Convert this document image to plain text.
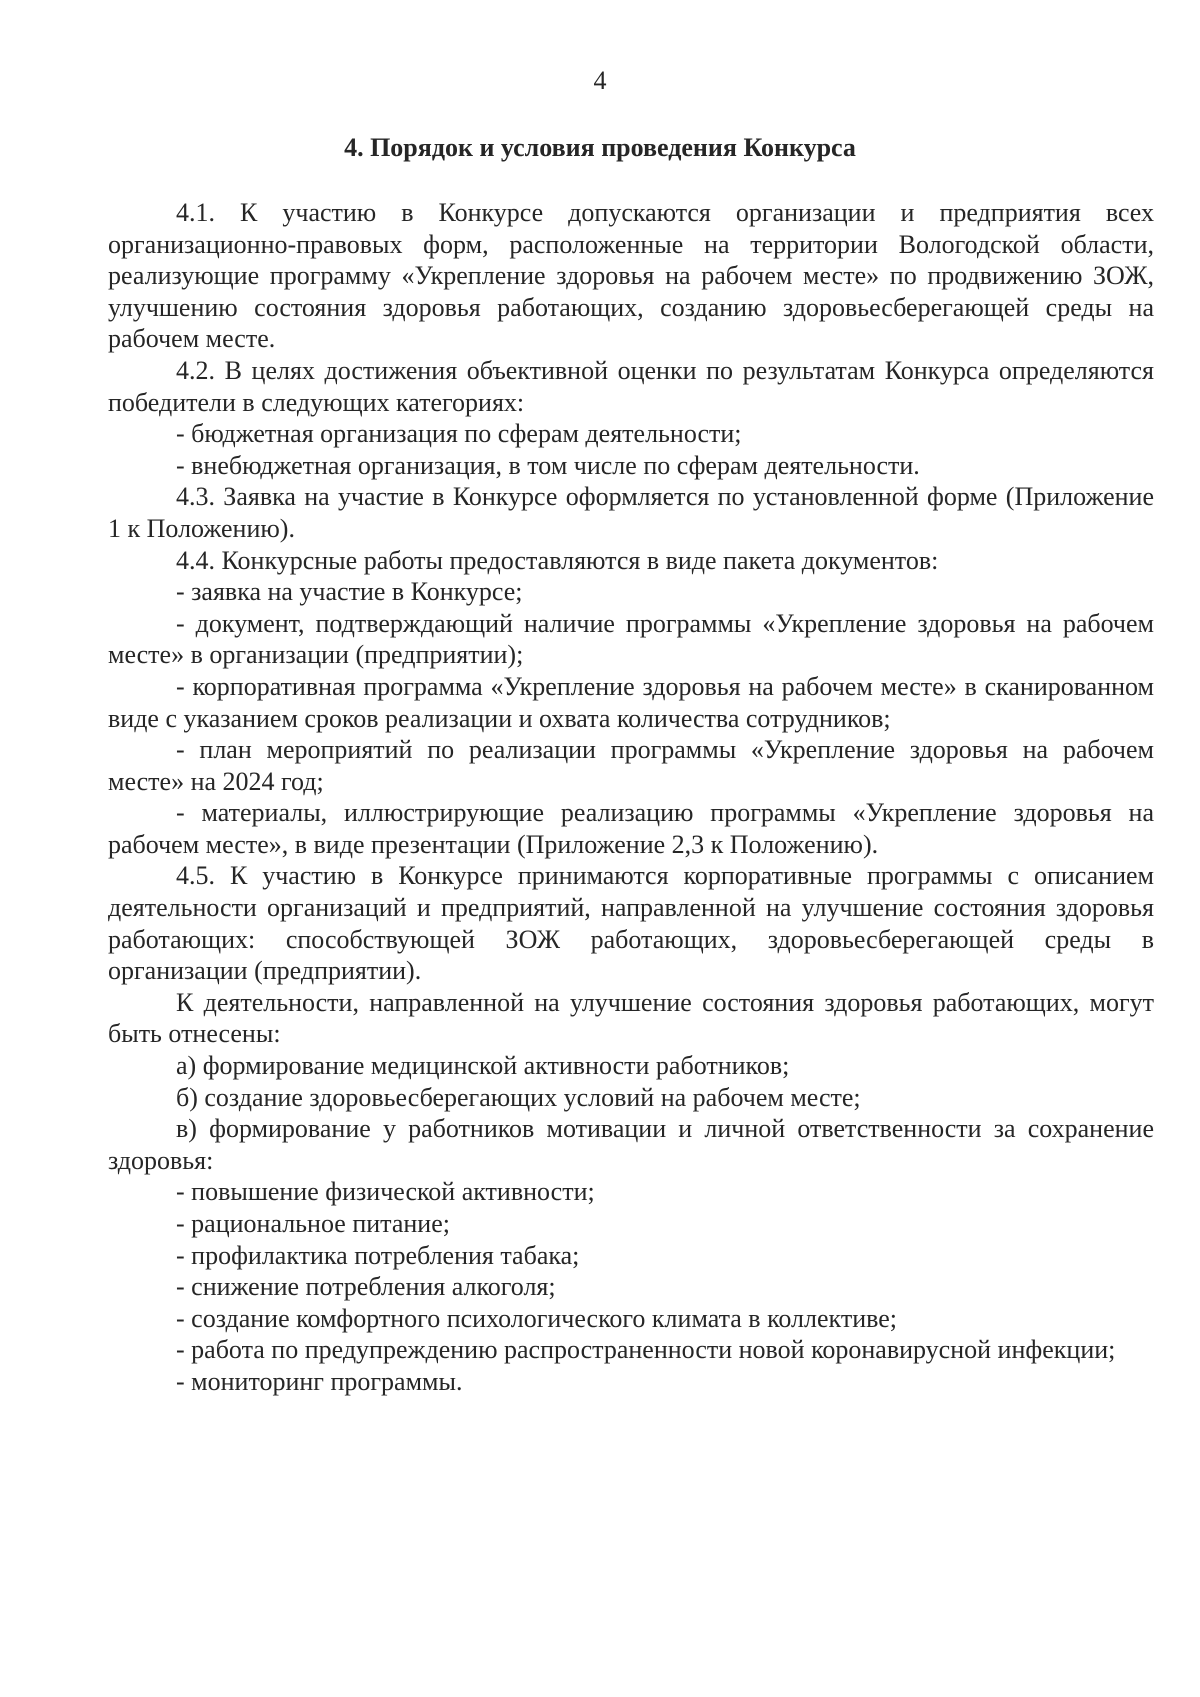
4
4. Порядок и условия проведения Конкурса

4.1. К участию в Конкурсе допускаются организации и предприятия всех организационно-правовых форм, расположенные на территории Вологодской области, реализующие программу «Укрепление здоровья на рабочем месте» по продвижению ЗОЖ, улучшению состояния здоровья работающих, созданию здоровьесберегающей среды на рабочем месте.

4.2. В целях достижения объективной оценки по результатам Конкурса определяются победители в следующих категориях:

- бюджетная организация по сферам деятельности;

- внебюджетная организация, в том числе по сферам деятельности.

4.3. Заявка на участие в Конкурсе оформляется по установленной форме (Приложение 1 к Положению).

4.4. Конкурсные работы предоставляются в виде пакета документов:

- заявка на участие в Конкурсе;

- документ, подтверждающий наличие программы «Укрепление здоровья на рабочем месте» в организации (предприятии);

- корпоративная программа «Укрепление здоровья на рабочем месте» в сканированном виде с указанием сроков реализации и охвата количества сотрудников;

- план мероприятий по реализации программы «Укрепление здоровья на рабочем месте» на 2024 год;

- материалы, иллюстрирующие реализацию программы «Укрепление здоровья на рабочем месте», в виде презентации (Приложение 2,3 к Положению).

4.5. К участию в Конкурсе принимаются корпоративные программы с описанием деятельности организаций и предприятий, направленной на улучшение состояния здоровья работающих: способствующей ЗОЖ работающих, здоровьесберегающей среды в организации (предприятии).

К деятельности, направленной на улучшение состояния здоровья работающих, могут быть отнесены:

а) формирование медицинской активности работников;

б) создание здоровьесберегающих условий на рабочем месте;

в) формирование у работников мотивации и личной ответственности за сохранение здоровья:

- повышение физической активности;

- рациональное питание;

- профилактика потребления табака;

- снижение потребления алкоголя;

- создание комфортного психологического климата в коллективе;

- работа по предупреждению распространенности новой коронавирусной инфекции;

- мониторинг программы.
